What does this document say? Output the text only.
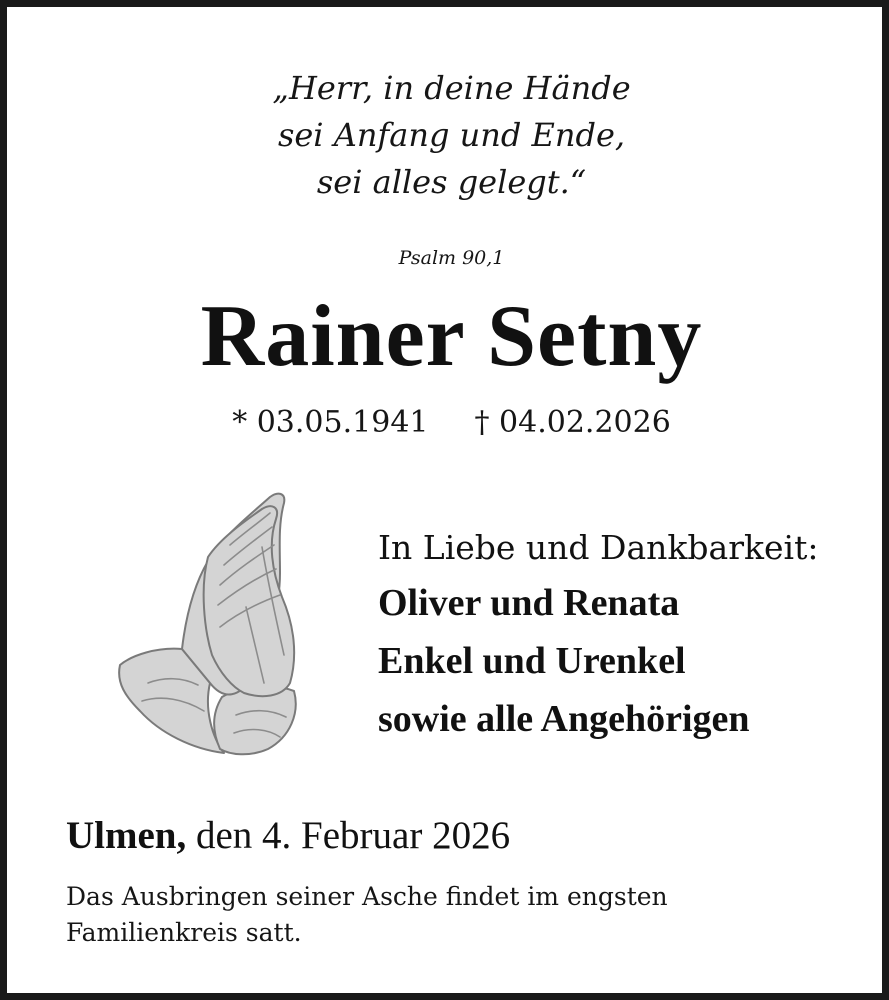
„Herr, in deine Hände
sei Anfang und Ende,
sei alles gelegt.“
Psalm 90,1
Rainer Setny
* 03.05.1941 † 04.02.2026
In Liebe und Dankbarkeit:
Oliver und Renata
Enkel und Urenkel
sowie alle Angehörigen
Ulmen, den 4. Februar 2026
Das Ausbringen seiner Asche findet im engsten
Familienkreis satt.
